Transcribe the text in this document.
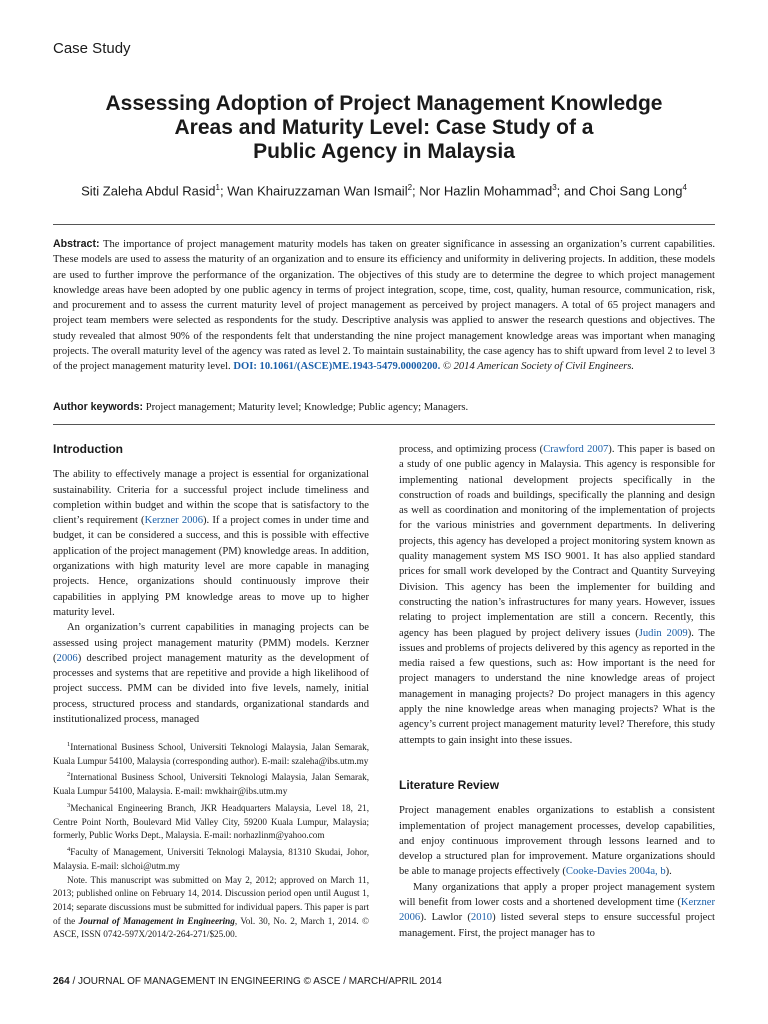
Case Study
Assessing Adoption of Project Management Knowledge
Areas and Maturity Level: Case Study of a
Public Agency in Malaysia
Siti Zaleha Abdul Rasid$^1$; Wan Khairuzzaman Wan Ismail$^2$; Nor Hazlin Mohammad$^3$; and Choi Sang Long$^4$
Abstract: The importance of project management maturity models has taken on greater significance in assessing an organization’s current capabilities. These models are used to assess the maturity of an organization and to ensure its efficiency and uniformity in delivering projects. In addition, these models are used to further improve the performance of the organization. The objectives of this study are to determine the degree to which project management knowledge areas have been adopted by one public agency in terms of project integration, scope, time, cost, quality, human resource, communication, risk, and procurement and to assess the current maturity level of project management as perceived by project managers. A total of 65 project managers and project team members were selected as respondents for the study. Descriptive analysis was applied to answer the research questions and objectives. The study revealed that almost 90% of the respondents felt that understanding the nine project management knowledge areas was important when managing projects. The overall maturity level of the agency was rated as level 2. To maintain sustainability, the case agency has to shift upward from level 2 to level 3 of the project management maturity level. DOI: 10.1061/(ASCE)ME.1943-5479.0000200. © 2014 American Society of Civil Engineers.
Author keywords: Project management; Maturity level; Knowledge; Public agency; Managers.
Introduction

The ability to effectively manage a project is essential for organizational sustainability. Criteria for a successful project include timeliness and completion within budget and within the scope that is satisfactory to the client’s requirement (Kerzner 2006). If a project comes in under time and budget, it can be considered a success, and this is possible with effective application of the project management (PM) knowledge areas. In addition, organizations with high maturity level are more capable in managing projects. Hence, organizations should continuously improve their capabilities in applying PM knowledge areas to move up to higher maturity level.

An organization’s current capabilities in managing projects can be assessed using project management maturity (PMM) models. Kerzner (2006) described project management maturity as the development of processes and systems that are repetitive and provide a high likelihood of project success. PMM can be divided into five levels, namely, initial process, structured process and standards, organizational standards and institutionalized process, managed

$^1$International Business School, Universiti Teknologi Malaysia, Jalan Semarak, Kuala Lumpur 54100, Malaysia (corresponding author). E-mail: szaleha@ibs.utm.my

$^2$International Business School, Universiti Teknologi Malaysia, Jalan Semarak, Kuala Lumpur 54100, Malaysia. E-mail: mwkhair@ibs.utm.my

$^3$Mechanical Engineering Branch, JKR Headquarters Malaysia, Level 18, 21, Centre Point North, Boulevard Mid Valley City, 59200 Kuala Lumpur, Malaysia; formerly, Public Works Dept., Malaysia. E-mail: norhazlinm@yahoo.com

$^4$Faculty of Management, Universiti Teknologi Malaysia, 81310 Skudai, Johor, Malaysia. E-mail: slchoi@utm.my

Note. This manuscript was submitted on May 2, 2012; approved on March 11, 2013; published online on February 14, 2014. Discussion period open until August 1, 2014; separate discussions must be submitted for individual papers. This paper is part of the Journal of Management in Engineering, Vol. 30, No. 2, March 1, 2014. © ASCE, ISSN 0742-597X/2014/2-264-271/$25.00.

process, and optimizing process (Crawford 2007). This paper is based on a study of one public agency in Malaysia. This agency is responsible for implementing national development projects specifically in the construction of roads and buildings, specifically the planning and design as well as coordination and monitoring of the implementation of projects for the various ministries and government departments. In delivering projects, this agency has developed a project monitoring system known as quality management system MS ISO 9001. It has also applied standard prices for small work developed by the Contract and Quantity Surveying Division. This agency has been the implementer for building and constructing the nation’s infrastructures for many years. However, issues relating to project implementation are still a concern. Recently, this agency has been plagued by project delivery issues (Judin 2009). The issues and problems of projects delivered by this agency as reported in the media raised a few questions, such as: How important is the need for project managers to understand the nine knowledge areas of project management in managing projects? Do project managers in this agency apply the nine knowledge areas when managing projects? What is the agency’s current project management maturity level? Therefore, this study attempts to gain insight into these issues.

Literature Review

Project management enables organizations to establish a consistent implementation of project management processes, develop capabilities, and enjoy continuous improvement through lessons learned and to develop a structured plan for improvement. Mature organizations should be able to manage projects effectively (Cooke-Davies 2004a, b).

Many organizations that apply a proper project management system will benefit from lower costs and a shortened development time (Kerzner 2006). Lawlor (2010) listed several steps to ensure successful project management. First, the project manager has to

264 / JOURNAL OF MANAGEMENT IN ENGINEERING © ASCE / MARCH/APRIL 2014
